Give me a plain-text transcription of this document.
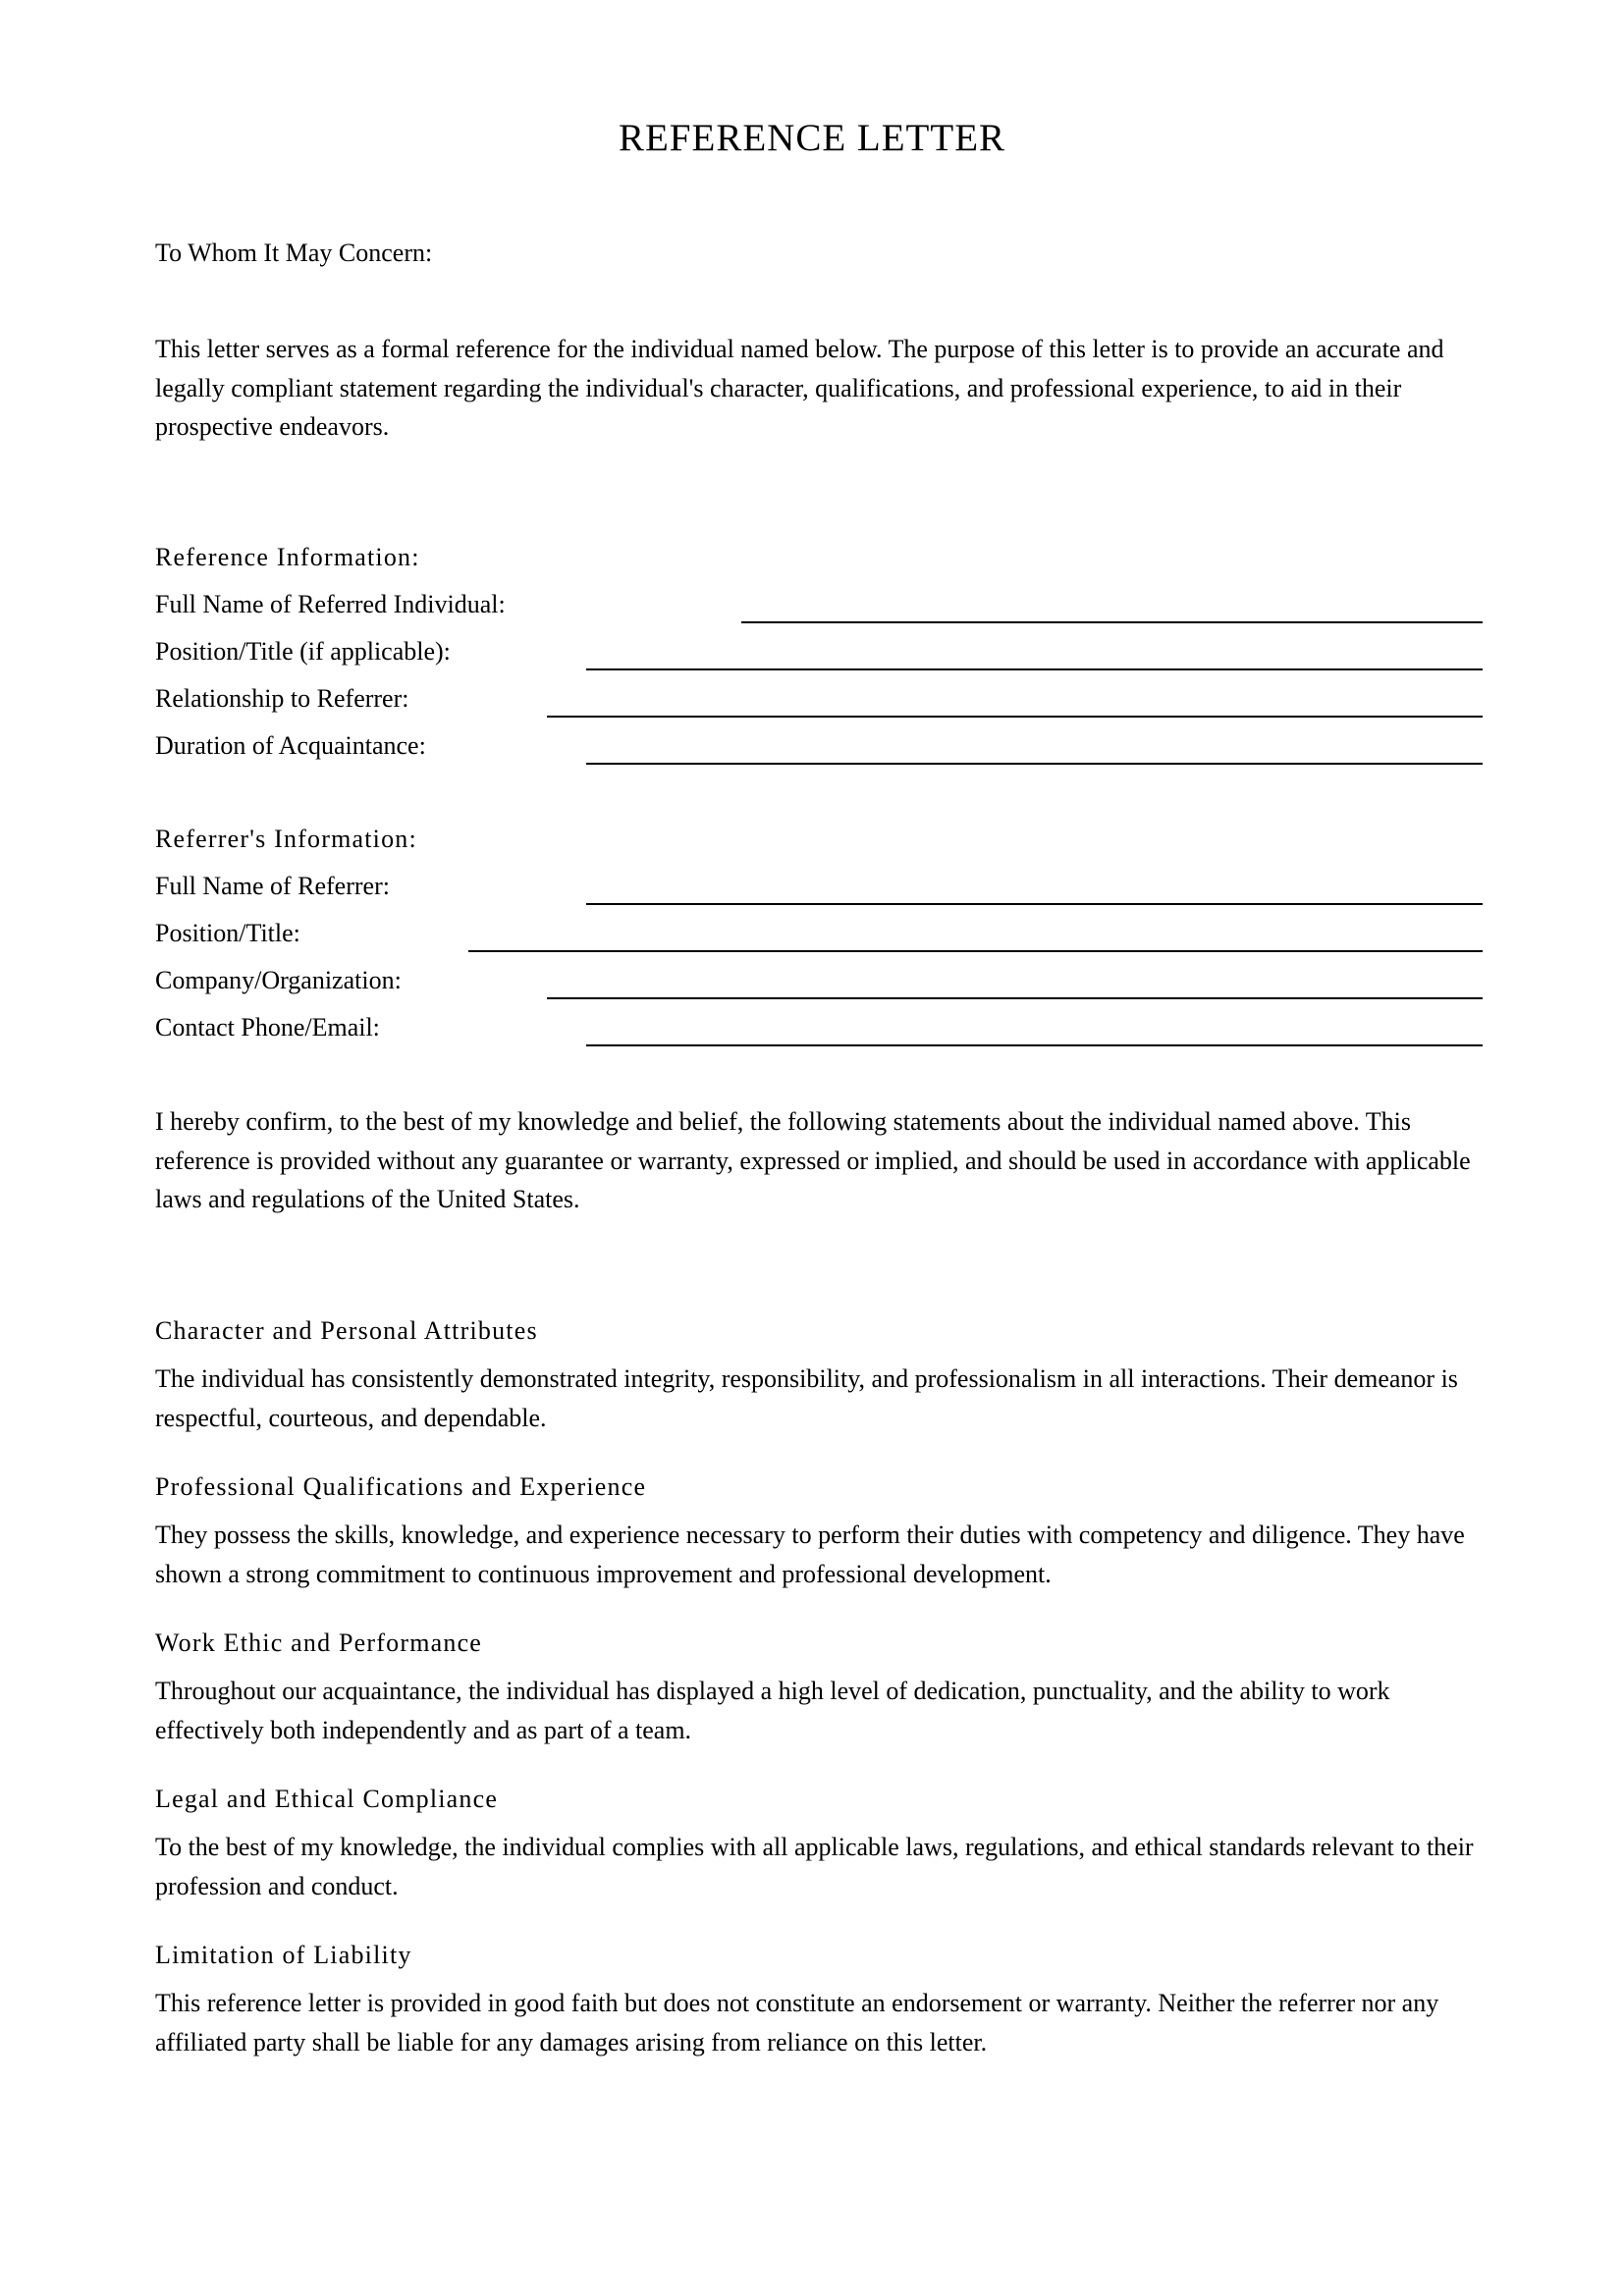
REFERENCE LETTER

To Whom It May Concern:

This letter serves as a formal reference for the individual named below. The purpose of this letter is to provide an accurate and legally compliant statement regarding the individual's character, qualifications, and professional experience, to aid in their prospective endeavors.

Reference Information:

Full Name of Referred Individual:
Position/Title (if applicable):
Relationship to Referrer:
Duration of Acquaintance:

Referrer's Information:

Full Name of Referrer:
Position/Title:
Company/Organization:
Contact Phone/Email:

I hereby confirm, to the best of my knowledge and belief, the following statements about the individual named above. This reference is provided without any guarantee or warranty, expressed or implied, and should be used in accordance with applicable laws and regulations of the United States.

Character and Personal Attributes

The individual has consistently demonstrated integrity, responsibility, and professionalism in all interactions. Their demeanor is respectful, courteous, and dependable.

Professional Qualifications and Experience

They possess the skills, knowledge, and experience necessary to perform their duties with competency and diligence. They have shown a strong commitment to continuous improvement and professional development.

Work Ethic and Performance

Throughout our acquaintance, the individual has displayed a high level of dedication, punctuality, and the ability to work effectively both independently and as part of a team.

Legal and Ethical Compliance

To the best of my knowledge, the individual complies with all applicable laws, regulations, and ethical standards relevant to their profession and conduct.

Limitation of Liability

This reference letter is provided in good faith but does not constitute an endorsement or warranty. Neither the referrer nor any affiliated party shall be liable for any damages arising from reliance on this letter.
